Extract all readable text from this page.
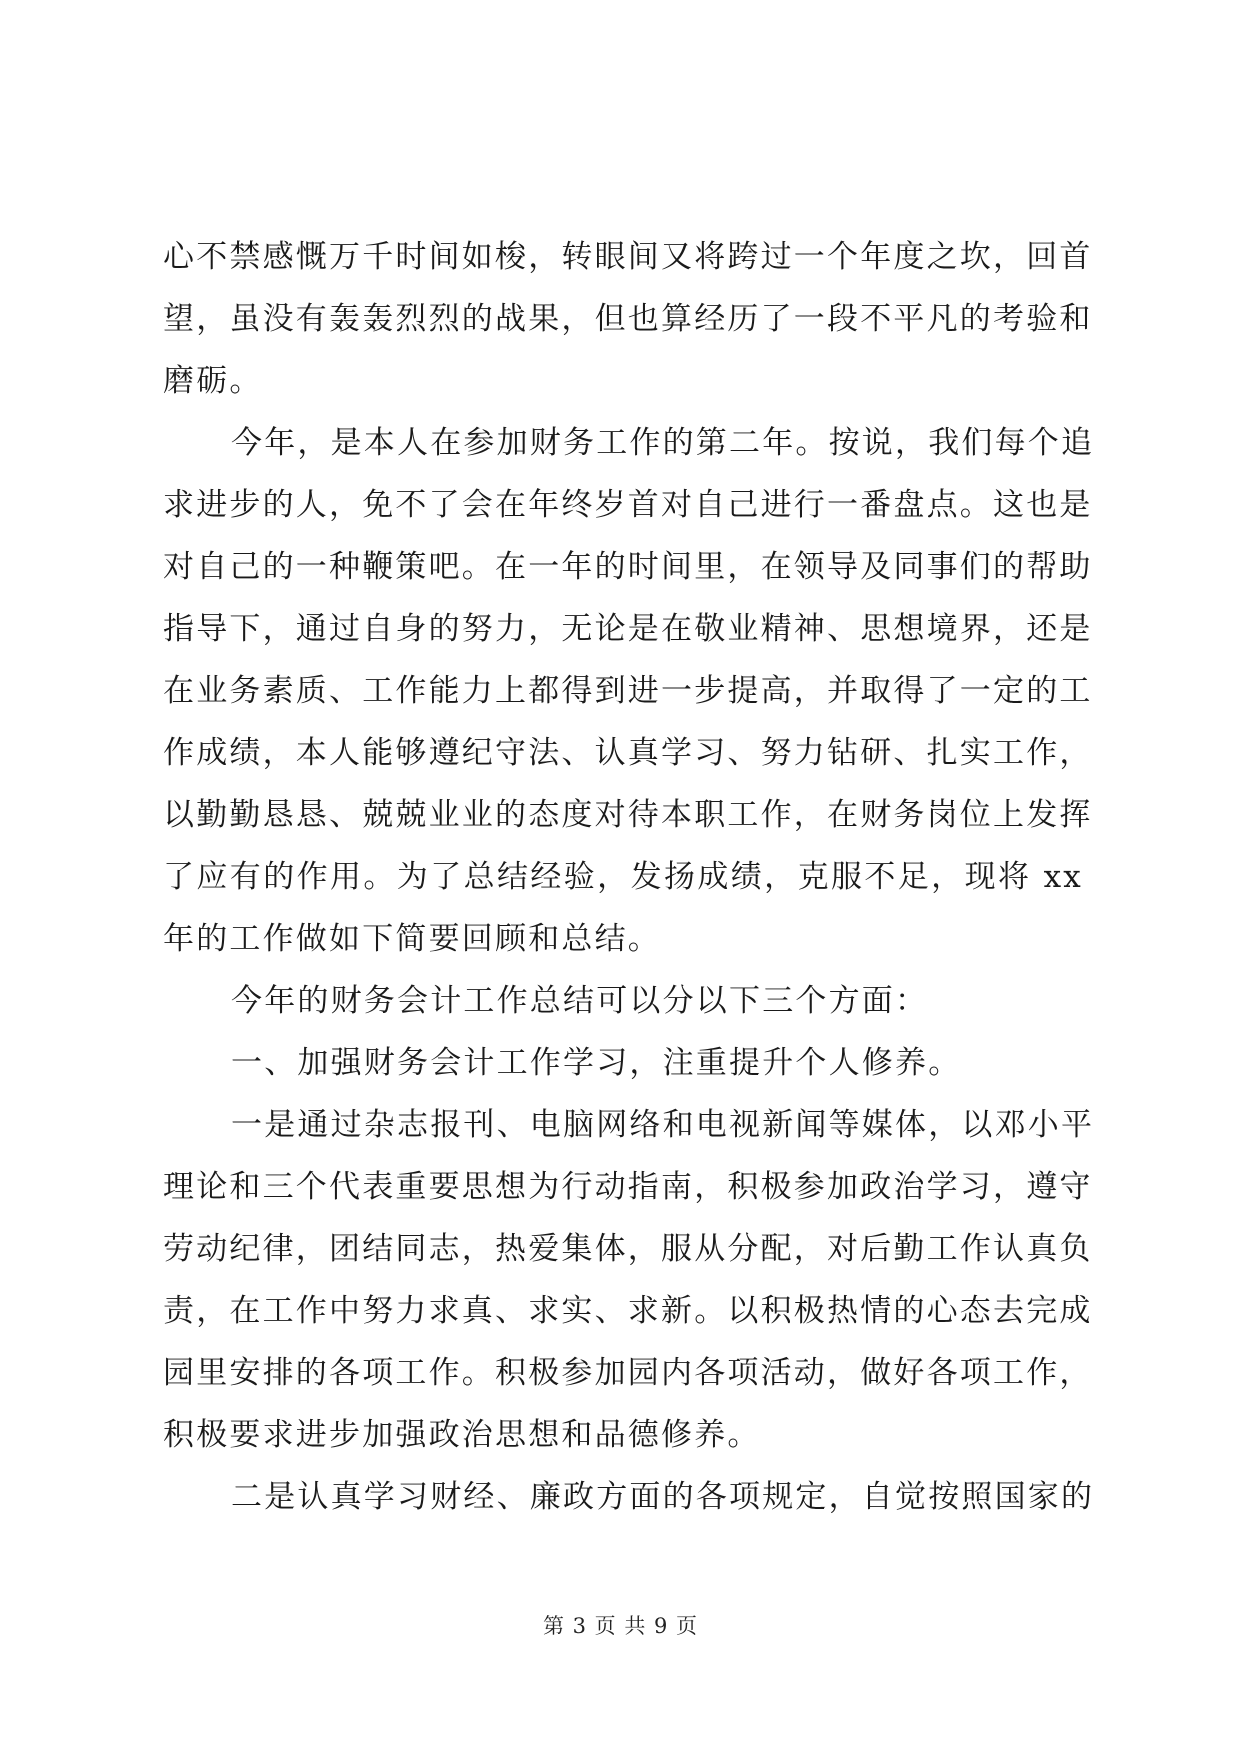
心不禁感慨万千时间如梭，转眼间又将跨过一个年度之坎，回首
望，虽没有轰轰烈烈的战果，但也算经历了一段不平凡的考验和
磨砺。
今年，是本人在参加财务工作的第二年。按说，我们每个追
求进步的人，免不了会在年终岁首对自己进行一番盘点。这也是
对自己的一种鞭策吧。在一年的时间里，在领导及同事们的帮助
指导下，通过自身的努力，无论是在敬业精神、思想境界，还是
在业务素质、工作能力上都得到进一步提高，并取得了一定的工
作成绩，本人能够遵纪守法、认真学习、努力钻研、扎实工作，
以勤勤恳恳、兢兢业业的态度对待本职工作，在财务岗位上发挥
了应有的作用。为了总结经验，发扬成绩，克服不足，现将 xx
年的工作做如下简要回顾和总结。
今年的财务会计工作总结可以分以下三个方面：
一、加强财务会计工作学习，注重提升个人修养。
一是通过杂志报刊、电脑网络和电视新闻等媒体，以邓小平
理论和三个代表重要思想为行动指南，积极参加政治学习，遵守
劳动纪律，团结同志，热爱集体，服从分配，对后勤工作认真负
责，在工作中努力求真、求实、求新。以积极热情的心态去完成
园里安排的各项工作。积极参加园内各项活动，做好各项工作，
积极要求进步加强政治思想和品德修养。
二是认真学习财经、廉政方面的各项规定，自觉按照国家的
第 3 页 共 9 页
